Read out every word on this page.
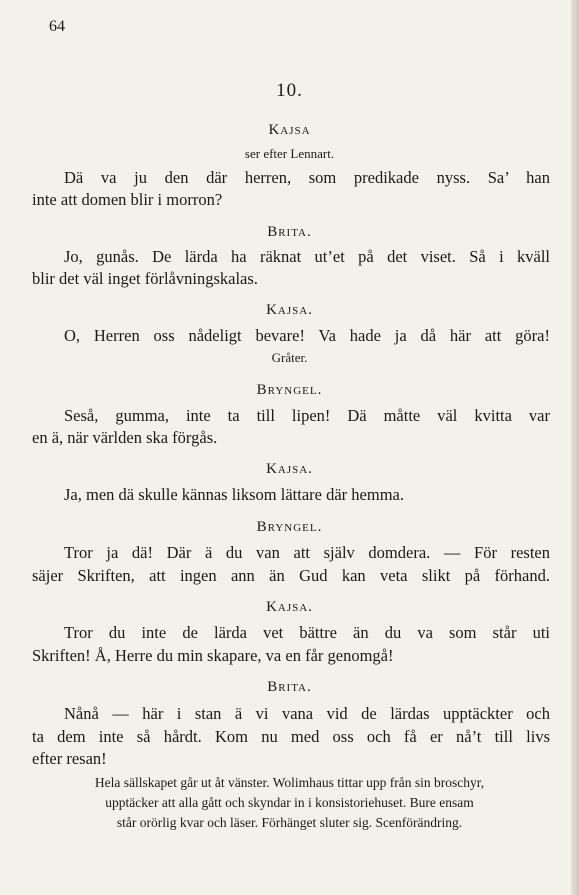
64
10.
Kajsa
ser efter Lennart.
Dä va ju den där herren, som predikade nyss. Sa’ han
inte att domen blir i morron?
Brita.
Jo, gunås. De lärda ha räknat ut’et på det viset. Så i kväll
blir det väl inget förlåvningskalas.
Kajsa.
O, Herren oss nådeligt bevare! Va hade ja då här att göra!
Gråter.
Bryngel.
Seså, gumma, inte ta till lipen! Dä måtte väl kvitta var
en ä, när världen ska förgås.
Kajsa.
Ja, men dä skulle kännas liksom lättare där hemma.
Bryngel.
Tror ja dä! Där ä du van att själv domdera. — För resten
säjer Skriften, att ingen ann än Gud kan veta slikt på förhand.
Kajsa.
Tror du inte de lärda vet bättre än du va som står uti
Skriften! Å, Herre du min skapare, va en får genomgå!
Brita.
Nånå — här i stan ä vi vana vid de lärdas upptäckter och
ta dem inte så hårdt. Kom nu med oss och få er nå’t till livs
efter resan!
Hela sällskapet går ut åt vänster. Wolimhaus tittar upp från sin broschyr,
upptäcker att alla gått och skyndar in i konsistoriehuset. Bure ensam
står orörlig kvar och läser. Förhänget sluter sig. Scenförändring.
